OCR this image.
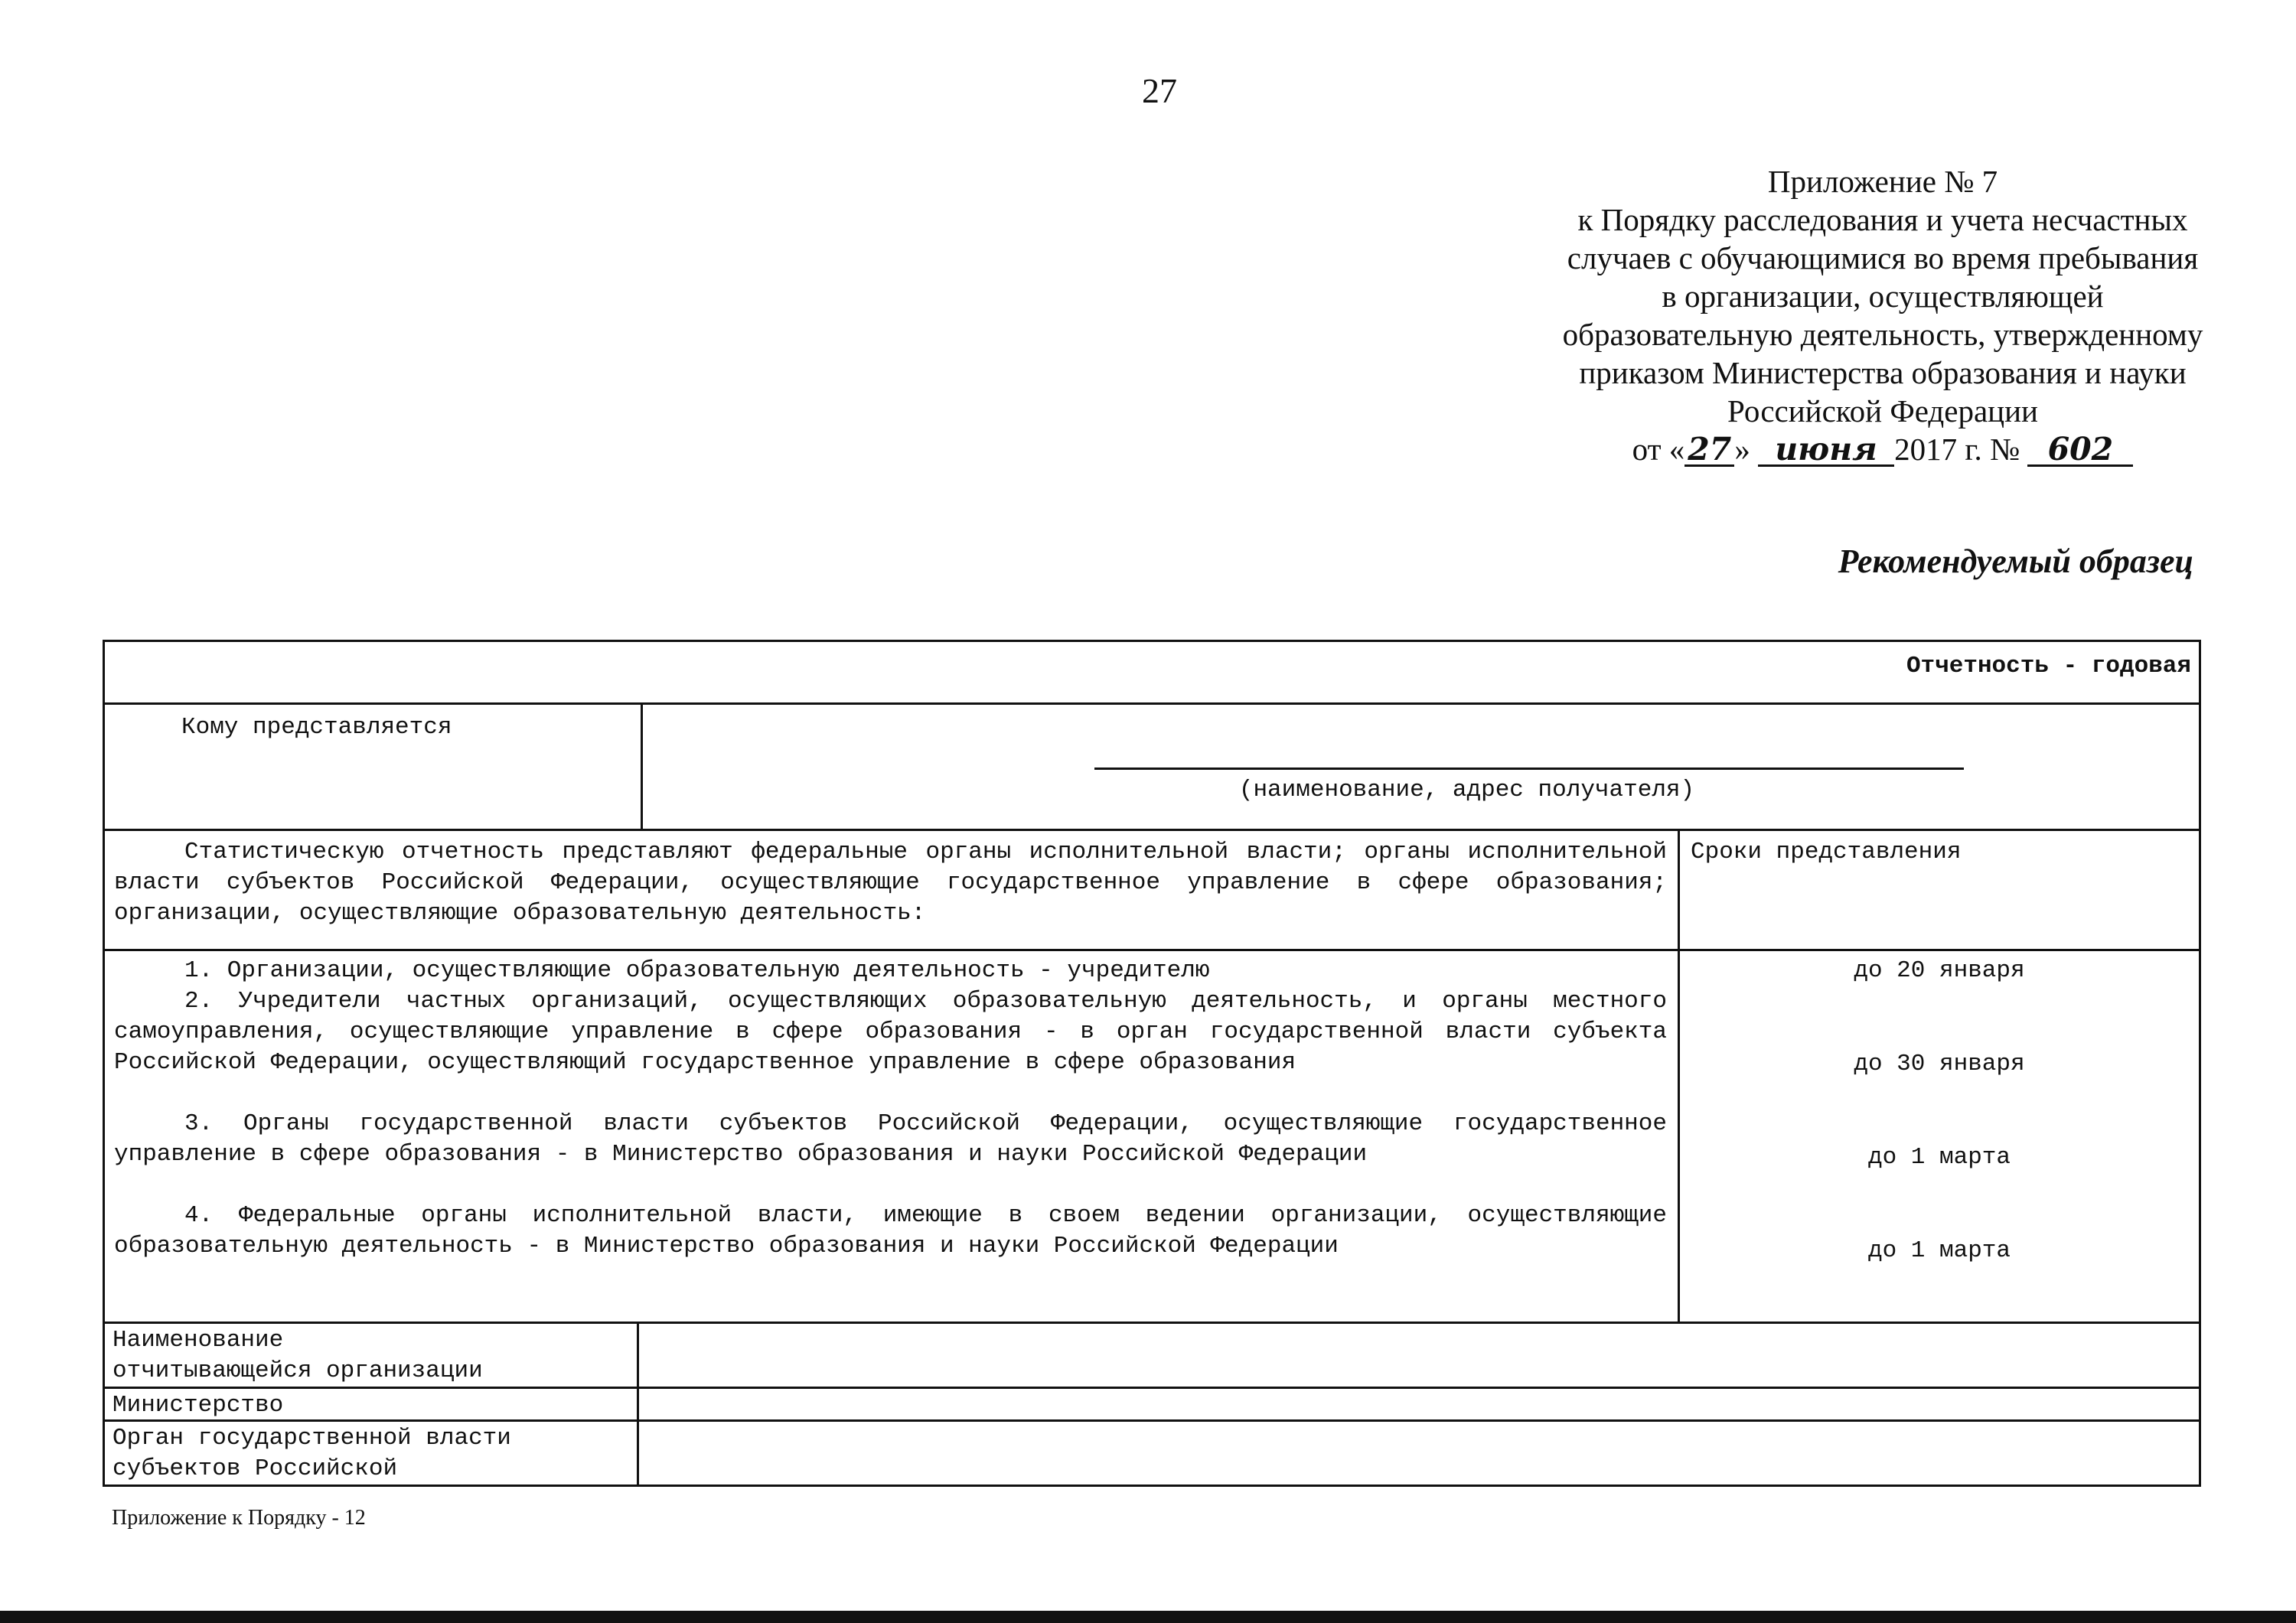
27
Приложение № 7
к Порядку расследования и учета несчастных
случаев с обучающимися во время пребывания
в организации, осуществляющей
образовательную деятельность, утвержденному
приказом Министерства образования и науки
Российской Федерации
от «27» июня 2017 г. № 602
Рекомендуемый образец
Отчетность - годовая
Кому представляется
(наименование, адрес получателя)
Статистическую отчетность представляют федеральные органы исполнительной власти; органы исполнительной власти субъектов Российской Федерации, осуществляющие государственное управление в сфере образования; организации, осуществляющие образовательную деятельность:
Сроки представления
1. Организации, осуществляющие образовательную деятельность - учредителю
2. Учредители частных организаций, осуществляющих образовательную деятельность, и органы местного самоуправления, осуществляющие управление в сфере образования - в орган государственной власти субъекта Российской Федерации, осуществляющий государственное управление в сфере образования
3. Органы государственной власти субъектов Российской Федерации, осуществляющие государственное управление в сфере образования - в Министерство образования и науки Российской Федерации
4. Федеральные органы исполнительной власти, имеющие в своем ведении организации, осуществляющие образовательную деятельность - в Министерство образования и науки Российской Федерации
до 20 января
до 30 января
до 1 марта
до 1 марта
Наименование
отчитывающейся организации
Министерство
Орган государственной власти
субъектов Российской
Приложение к Порядку - 12
